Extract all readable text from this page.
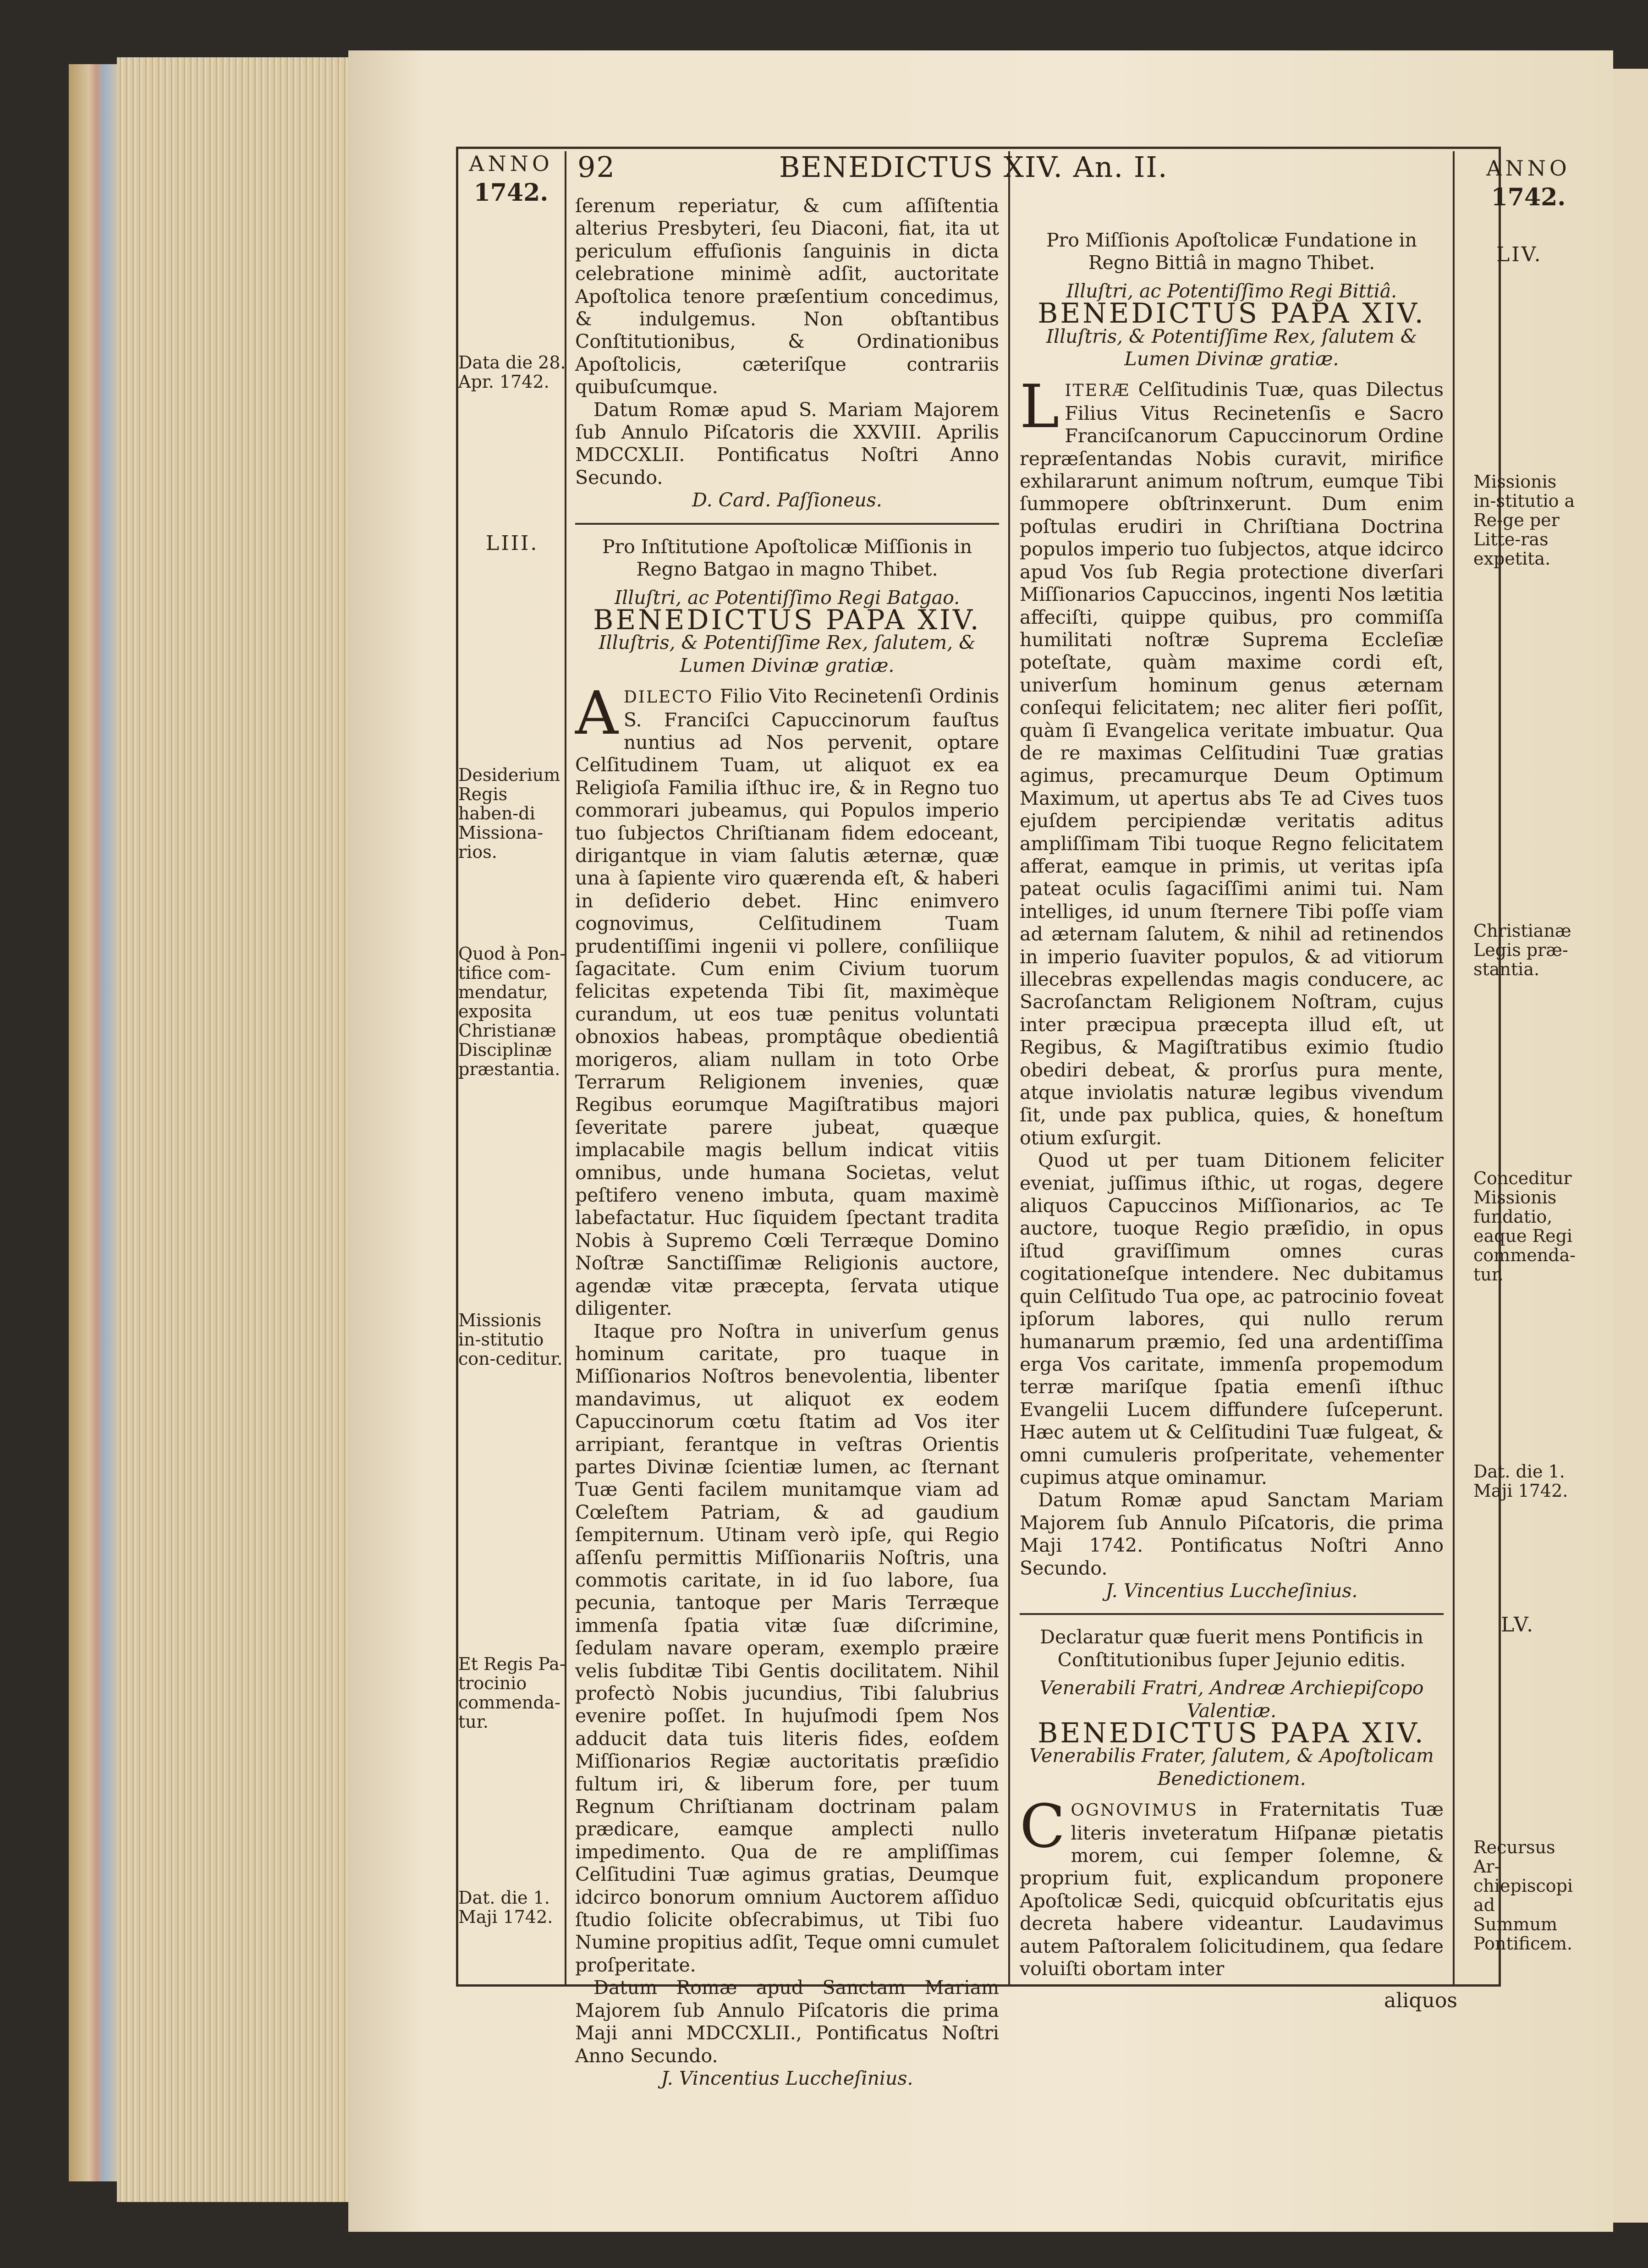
ANNO
1742.
92	BENEDICTUS XIV. An. II.	ANNO
1742.
Data die 28. Apr. 1742.
LIII.
Desiderium Regis haben-di Missiona-rios.
Quod à Pon-tifice com-mendatur, exposita Christianæ Disciplinæ præstantia.
Missionis in-stitutio con-ceditur.
Et Regis Pa-trocinio commenda-tur.
Dat. die 1. Maji 1742.
LIV.
Missionis in-stitutio a Re-ge per Litte-ras expetita.
Christianæ Legis præ-stantia.
Conceditur Missionis fundatio, eaque Regi commenda-tur.
Dat. die 1. Maji 1742.
LV.
Recursus Ar-chiepiscopi ad Summum Pontificem.

ſerenum reperiatur, & cum aſſiſtentia alterius Presbyteri, ſeu Diaconi, fiat, ita ut periculum effuſionis ſanguinis in dicta celebratione minimè adſit, auctoritate Apoſtolica tenore præſentium concedimus, & indulgemus. Non obſtantibus Conſtitutionibus, & Ordinationibus Apoſtolicis, cæteriſque contrariis quibuſcumque.

Datum Romæ apud S. Mariam Majorem ſub Annulo Piſcatoris die XXVIII. Aprilis MDCCXLII. Pontificatus Noſtri Anno Secundo.

D. Card. Paſſioneus.

Pro Inſtitutione Apoſtolicæ Miſſionis in Regno Batgao in magno Thibet.

Illuſtri, ac Potentiſſimo Regi Batgao.

BENEDICTUS PAPA XIV.

Illuſtris, & Potentiſſime Rex, ſalutem, & Lumen Divinæ gratiæ.

ADILECTO Filio Vito Recinetenſi Ordinis S. Franciſci Capuccinorum fauſtus nuntius ad Nos pervenit, optare Celſitudinem Tuam, ut aliquot ex ea Religioſa Familia iſthuc ire, & in Regno tuo commorari jubeamus, qui Populos imperio tuo ſubjectos Chriſtianam fidem edoceant, dirigantque in viam ſalutis æternæ, quæ una à ſapiente viro quærenda eſt, & haberi in deſiderio debet. Hinc enimvero cognovimus, Celſitudinem Tuam prudentiſſimi ingenii vi pollere, conſiliique ſagacitate. Cum enim Civium tuorum felicitas expetenda Tibi ſit, maximèque curandum, ut eos tuæ penitus voluntati obnoxios habeas, promptâque obedientiâ morigeros, aliam nullam in toto Orbe Terrarum Religionem invenies, quæ Regibus eorumque Magiſtratibus majori ſeveritate parere jubeat, quæque implacabile magis bellum indicat vitiis omnibus, unde humana Societas, velut peſtifero veneno imbuta, quam maximè labefactatur. Huc ſiquidem ſpectant tradita Nobis à Supremo Cœli Terræque Domino Noſtræ Sanctiſſimæ Religionis auctore, agendæ vitæ præcepta, ſervata utique diligenter.

Itaque pro Noſtra in univerſum genus hominum caritate, pro tuaque in Miſſionarios Noſtros benevolentia, libenter mandavimus, ut aliquot ex eodem Capuccinorum cœtu ſtatim ad Vos iter arripiant, ferantque in veſtras Orientis partes Divinæ ſcientiæ lumen, ac ſternant Tuæ Genti facilem munitamque viam ad Cœleſtem Patriam, & ad gaudium ſempiternum. Utinam verò ipſe, qui Regio aſſenſu permittis Miſſionariis Noſtris, una commotis caritate, in id ſuo labore, ſua pecunia, tantoque per Maris Terræque immenſa ſpatia vitæ ſuæ diſcrimine, ſedulam navare operam, exemplo præire velis ſubditæ Tibi Gentis docilitatem. Nihil profectò Nobis jucundius, Tibi ſalubrius evenire poſſet. In hujuſmodi ſpem Nos adducit data tuis literis fides, eoſdem Miſſionarios Regiæ auctoritatis præſidio fultum iri, & liberum fore, per tuum Regnum Chriſtianam doctrinam palam prædicare, eamque amplecti nullo impedimento. Qua de re ampliſſimas Celſitudini Tuæ agimus gratias, Deumque idcirco bonorum omnium Auctorem aſſiduo ſtudio ſolicite obſecrabimus, ut Tibi ſuo Numine propitius adſit, Teque omni cumulet proſperitate.

Datum Romæ apud Sanctam Mariam Majorem ſub Annulo Piſcatoris die prima Maji anni MDCCXLII., Pontificatus Noſtri Anno Secundo.

J. Vincentius Luccheſinius.

Pro Miſſionis Apoſtolicæ Fundatione in Regno Bittiâ in magno Thibet.

Illuſtri, ac Potentiſſimo Regi Bittiâ.

BENEDICTUS PAPA XIV.

Illuſtris, & Potentiſſime Rex, ſalutem & Lumen Divinæ gratiæ.

LITERÆ Celſitudinis Tuæ, quas Dilectus Filius Vitus Recinetenſis e Sacro Franciſcanorum Capuccinorum Ordine repræſentandas Nobis curavit, mirifice exhilararunt animum noſtrum, eumque Tibi ſummopere obſtrinxerunt. Dum enim poſtulas erudiri in Chriſtiana Doctrina populos imperio tuo ſubjectos, atque idcirco apud Vos ſub Regia protectione diverſari Miſſionarios Capuccinos, ingenti Nos lætitia affeciſti, quippe quibus, pro commiſſa humilitati noſtræ Suprema Eccleſiæ poteſtate, quàm maxime cordi eſt, univerſum hominum genus æternam conſequi felicitatem; nec aliter fieri poſſit, quàm ſi Evangelica veritate imbuatur. Qua de re maximas Celſitudini Tuæ gratias agimus, precamurque Deum Optimum Maximum, ut apertus abs Te ad Cives tuos ejuſdem percipiendæ veritatis aditus ampliſſimam Tibi tuoque Regno felicitatem afferat, eamque in primis, ut veritas ipſa pateat oculis ſagaciſſimi animi tui. Nam intelliges, id unum ſternere Tibi poſſe viam ad æternam ſalutem, & nihil ad retinendos in imperio ſuaviter populos, & ad vitiorum illecebras expellendas magis conducere, ac Sacroſanctam Religionem Noſtram, cujus inter præcipua præcepta illud eſt, ut Regibus, & Magiſtratibus eximio ſtudio obediri debeat, & prorſus pura mente, atque inviolatis naturæ legibus vivendum ſit, unde pax publica, quies, & honeſtum otium exſurgit.

Quod ut per tuam Ditionem feliciter eveniat, juſſimus iſthic, ut rogas, degere aliquos Capuccinos Miſſionarios, ac Te auctore, tuoque Regio præſidio, in opus iſtud graviſſimum omnes curas cogitationeſque intendere. Nec dubitamus quin Celſitudo Tua ope, ac patrocinio foveat ipſorum labores, qui nullo rerum humanarum præmio, ſed una ardentiſſima erga Vos caritate, immenſa propemodum terræ mariſque ſpatia emenſi iſthuc Evangelii Lucem diffundere ſuſceperunt. Hæc autem ut & Celſitudini Tuæ fulgeat, & omni cumuleris proſperitate, vehementer cupimus atque ominamur.

Datum Romæ apud Sanctam Mariam Majorem ſub Annulo Piſcatoris, die prima Maji 1742. Pontificatus Noſtri Anno Secundo.

J. Vincentius Luccheſinius.

Declaratur quæ fuerit mens Pontificis in Conſtitutionibus ſuper Jejunio editis.

Venerabili Fratri, Andreæ Archiepiſcopo Valentiæ.

BENEDICTUS PAPA XIV.

Venerabilis Frater, ſalutem, & Apoſtolicam Benedictionem.

COGNOVIMUS in Fraternitatis Tuæ literis inveteratum Hiſpanæ pietatis morem, cui ſemper ſolemne, & proprium fuit, explicandum proponere Apoſtolicæ Sedi, quicquid obſcuritatis ejus decreta habere videantur. Laudavimus autem Paſtoralem ſolicitudinem, qua ſedare voluiſti obortam inter

aliquos
